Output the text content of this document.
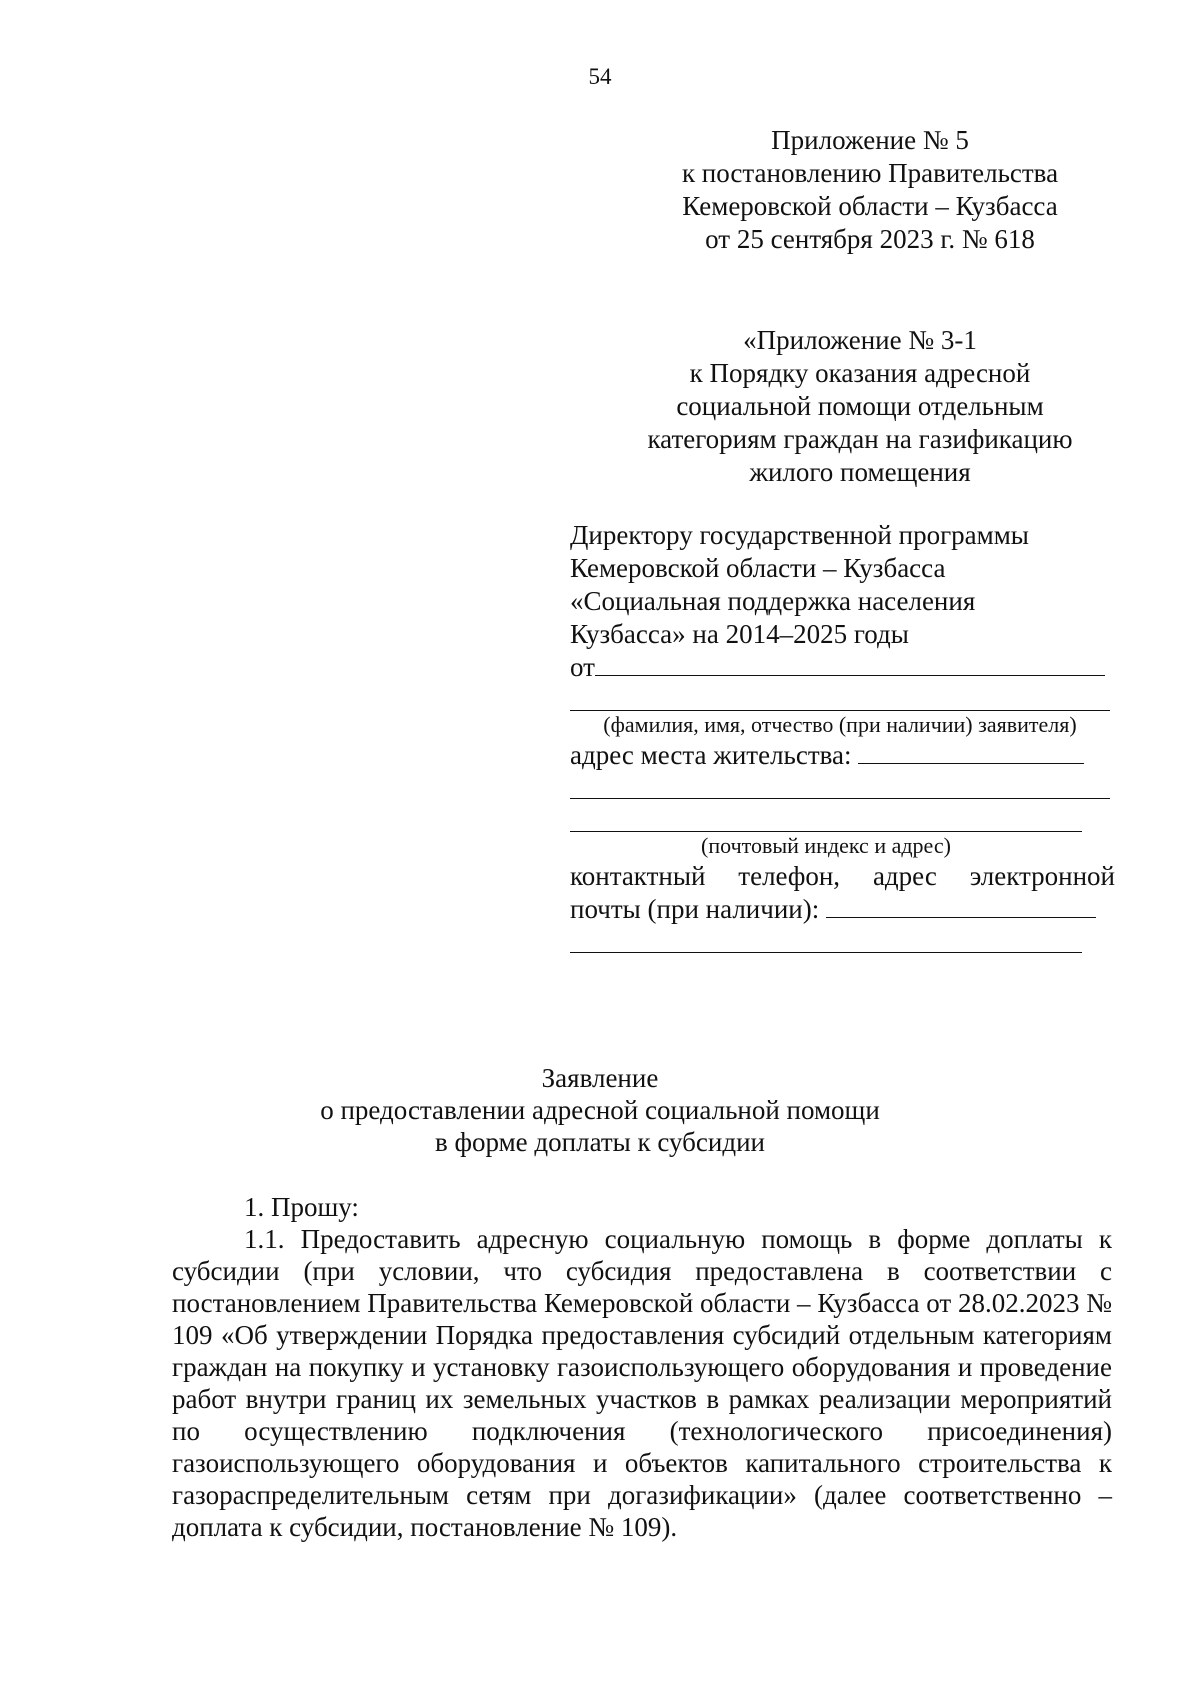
54
Приложение № 5
к постановлению Правительства
Кемеровской области – Кузбасса
от 25 сентября 2023 г. № 618
«Приложение № 3-1
к Порядку оказания адресной
социальной помощи отдельным
категориям граждан на газификацию
жилого помещения
Директору государственной программы
Кемеровской области – Кузбасса
«Социальная поддержка населения
Кузбасса» на 2014–2025 годы
от
(фамилия, имя, отчество (при наличии) заявителя)
адрес места жительства:
(почтовый индекс и адрес)
контактный телефон, адрес электронной
почты (при наличии):
Заявление
о предоставлении адресной социальной помощи
в форме доплаты к субсидии

1. Прошу:

1.1. Предоставить адресную социальную помощь в форме доплаты к субсидии (при условии, что субсидия предоставлена в соответствии с постановлением Правительства Кемеровской области – Кузбасса от 28.02.2023 № 109 «Об утверждении Порядка предоставления субсидий отдельным категориям граждан на покупку и установку газоиспользующего оборудования и проведение работ внутри границ их земельных участков в рамках реализации мероприятий по осуществлению подключения (технологического присоединения) газоиспользующего оборудования и объектов капитального строительства к газораспределительным сетям при догазификации» (далее соответственно – доплата к субсидии, постановление № 109).
